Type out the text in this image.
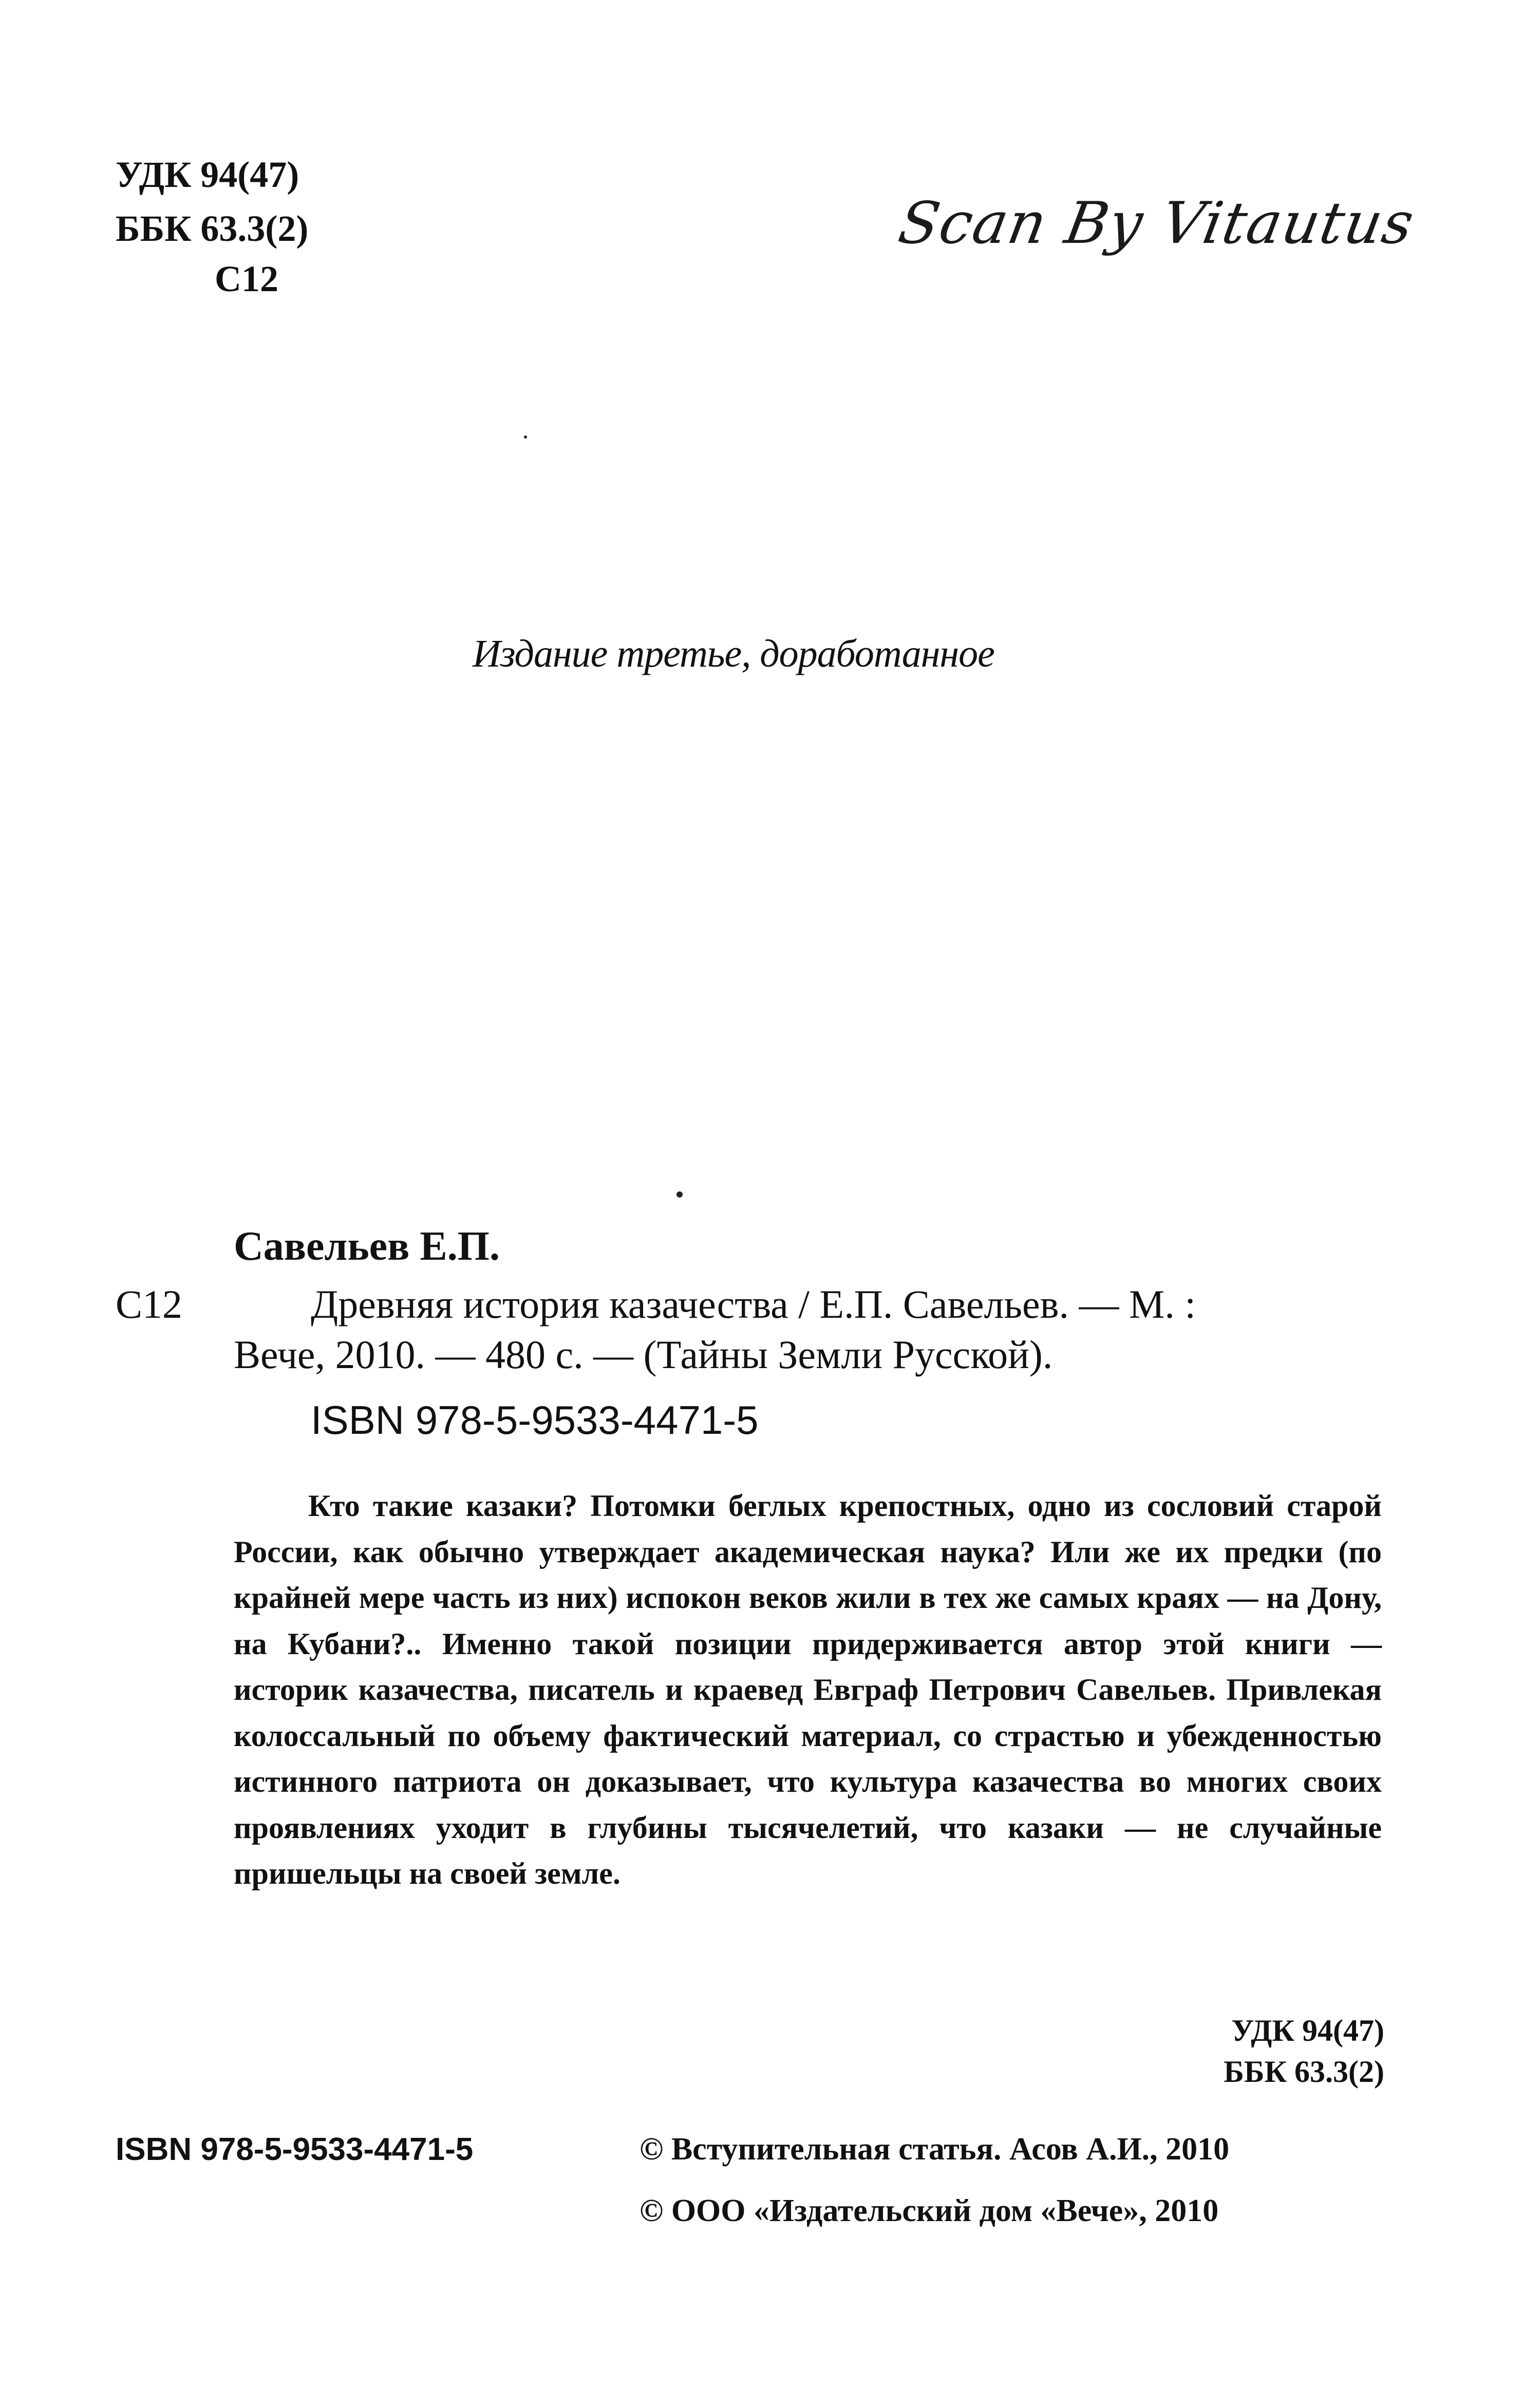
УДК 94(47)
ББК 63.3(2)
С12
Scan By Vitautus
Издание третье, доработанное
Савельев Е.П.
С12	Древняя история казачества / Е.П. Савельев. — М. :
Вече, 2010. — 480 с. — (Тайны Земли Русской).
ISBN 978-5-9533-4471-5

Кто такие казаки? Потомки беглых крепостных, одно из сословий старой России, как обычно утверждает академическая наука? Или же их предки (по крайней мере часть из них) испокон веков жили в тех же самых краях — на Дону, на Кубани?.. Именно такой позиции придерживается автор этой книги — историк казачества, писатель и краевед Евграф Петрович Савельев. Привлекая колоссальный по объему фактический материал, со страстью и убежденностью истинного патриота он доказывает, что культура казачества во многих своих проявлениях уходит в глубины тысячелетий, что казаки — не случайные пришельцы на своей земле.

УДК 94(47)
ББК 63.3(2)
ISBN 978-5-9533-4471-5	© Вступительная статья. Асов А.И., 2010
© ООО «Издательский дом «Вече», 2010
